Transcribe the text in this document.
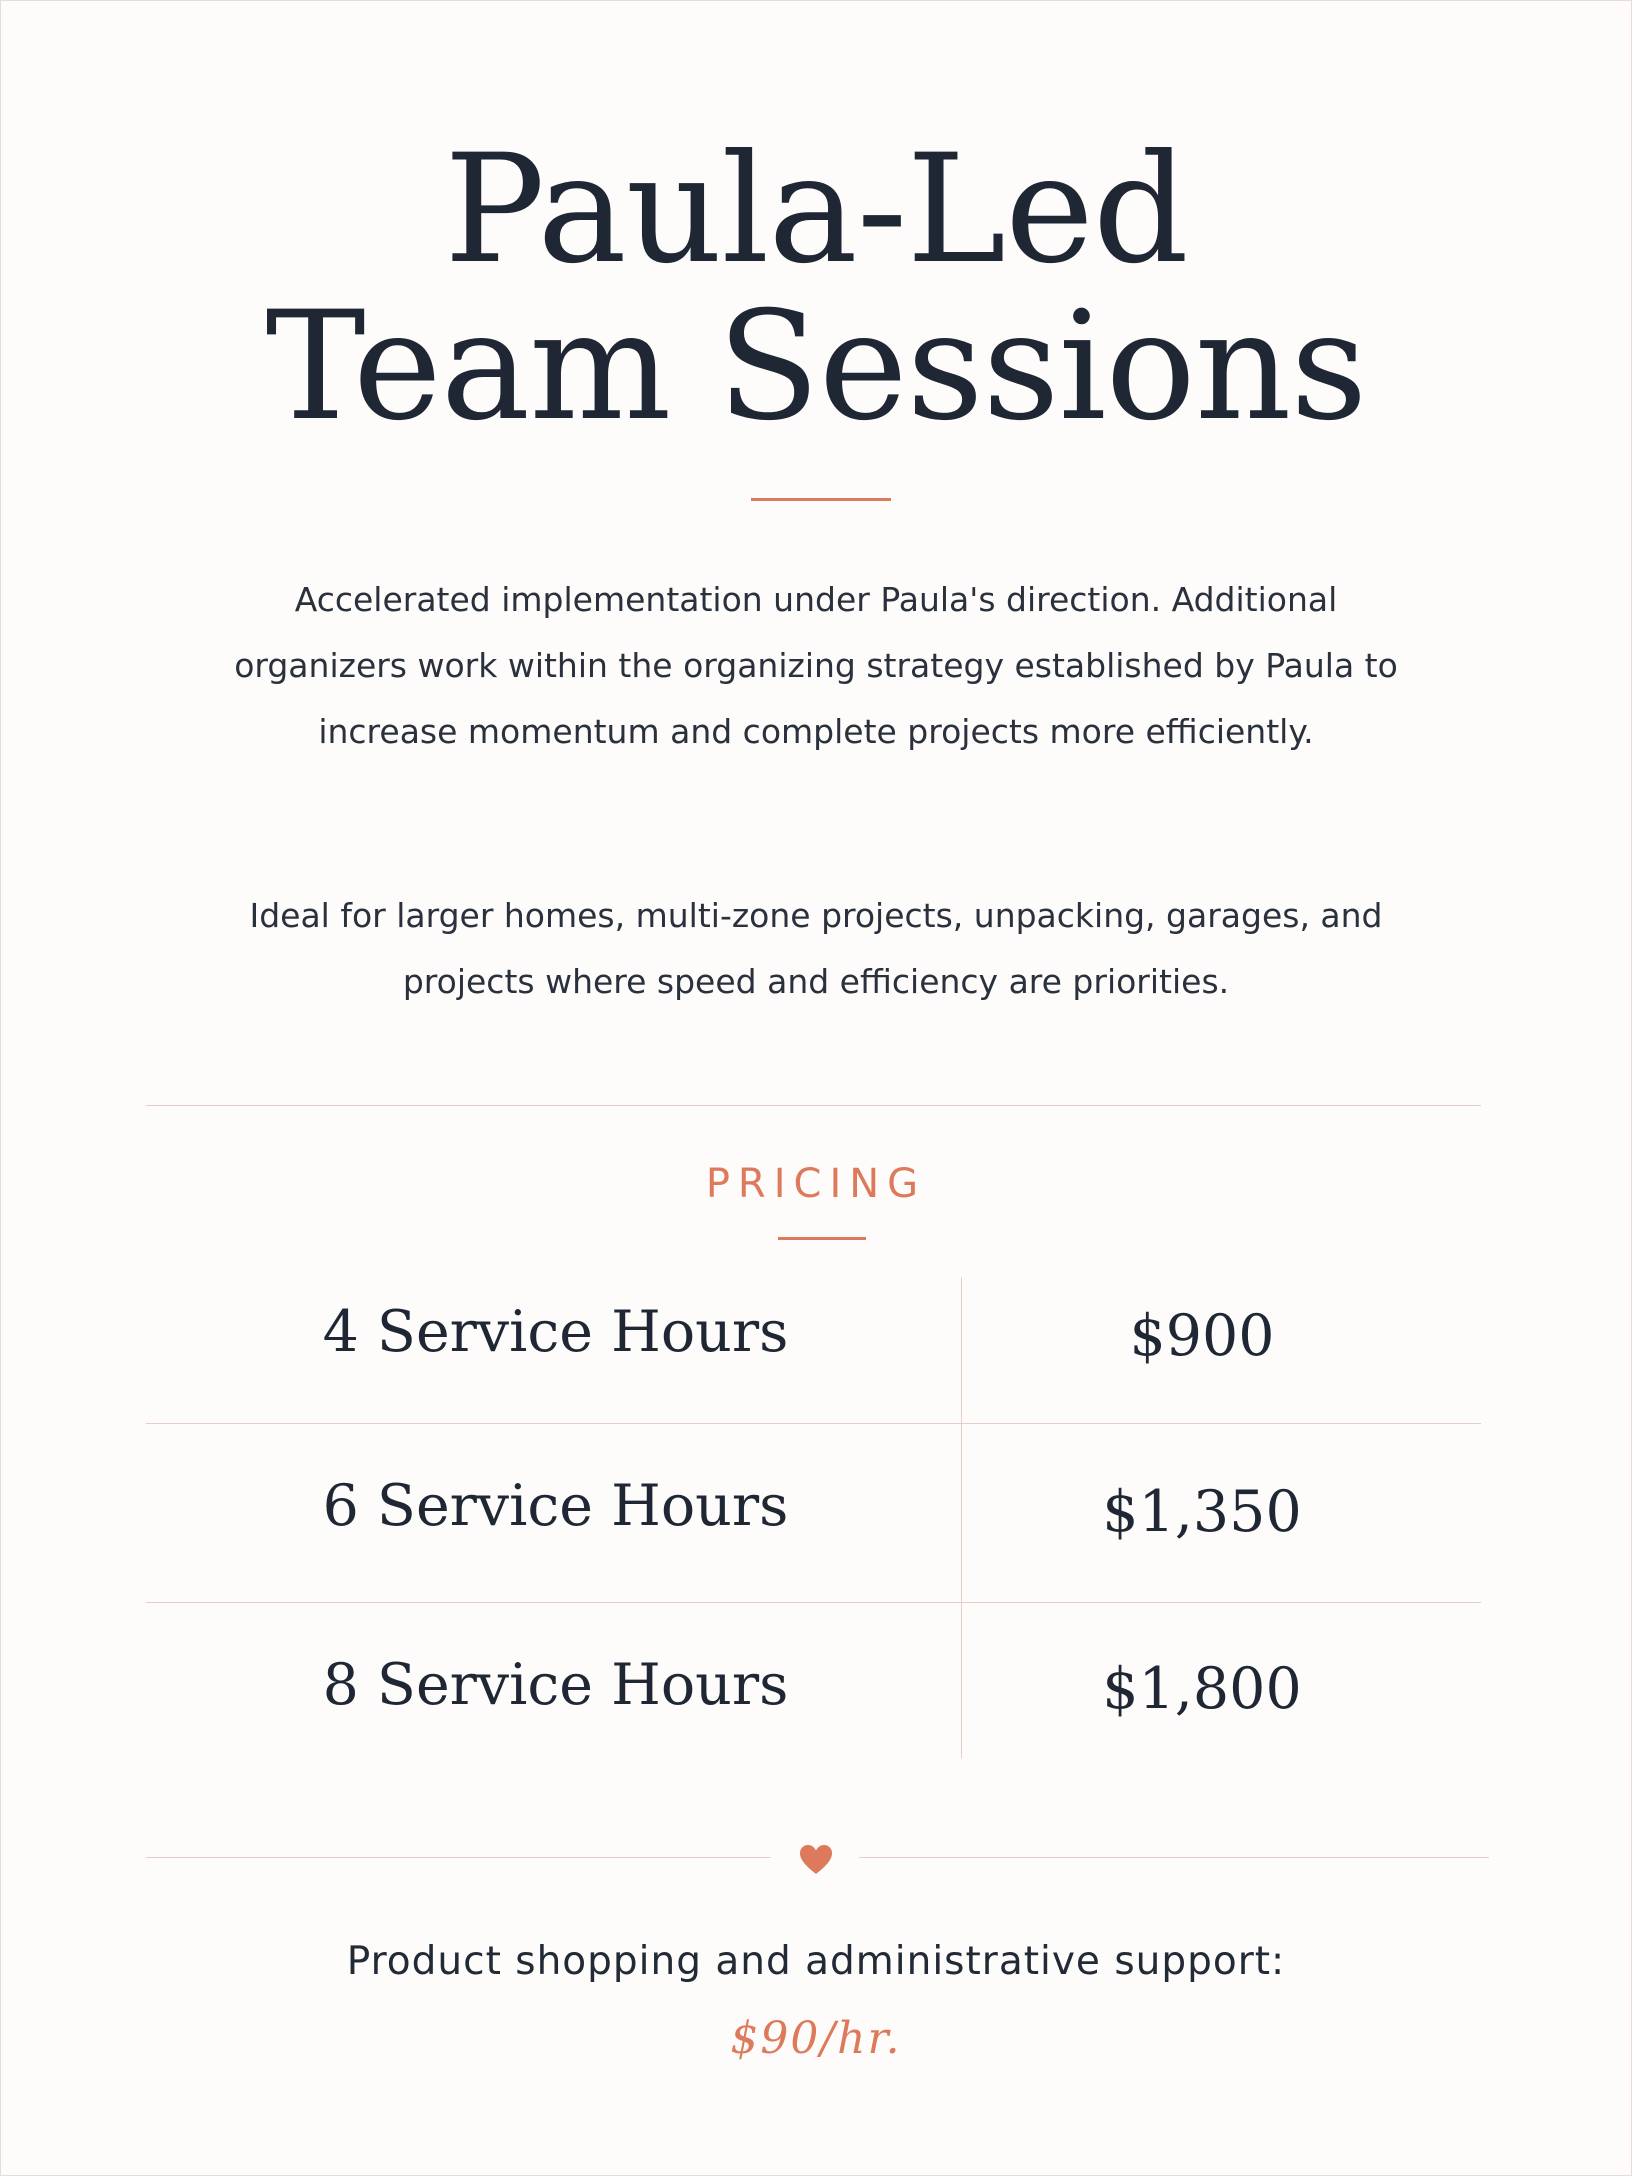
Paula-Led
Team Sessions
Accelerated implementation under Paula's direction. Additional organizers work within the organizing strategy established by Paula to increase momentum and complete projects more efficiently.
Ideal for larger homes, multi-zone projects, unpacking, garages, and projects where speed and efficiency are priorities.
PRICING
4 Service Hours	$900
6 Service Hours	$1,350
8 Service Hours	$1,800
Product shopping and administrative support:
$90/hr.
